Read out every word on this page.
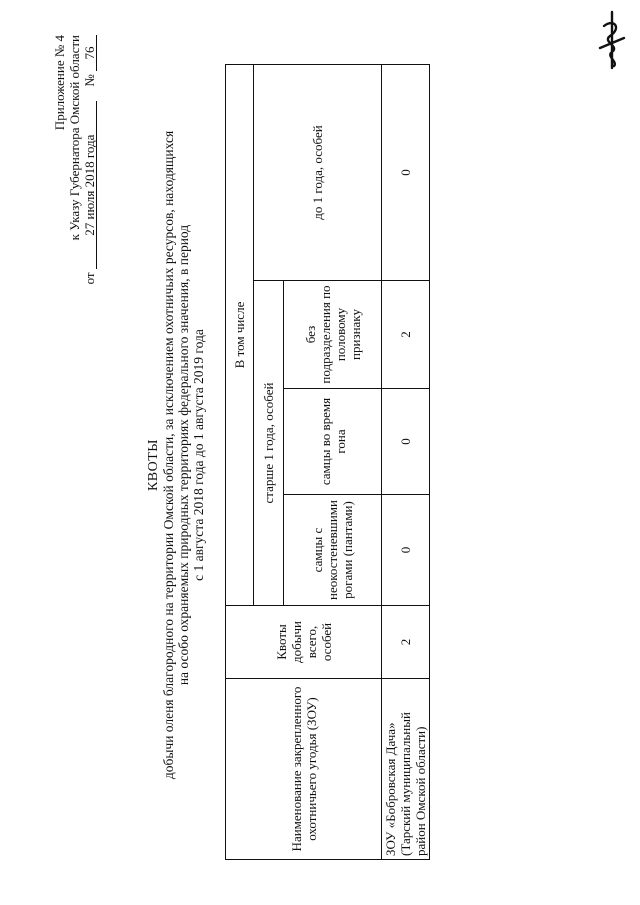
Приложение № 4 к Указу Губернатора Омской области
от 27 июля 2018 года  № 76
КВОТЫ добычи оленя благородного на территории Омской области, за исключением охотничьих ресурсов, находящихся на особо охраняемых природных территориях федерального значения, в период с 1 августа 2018 года до 1 августа 2019 года
Наименование закрепленного охотничьего угодья (ЗОУ)	Квоты добычи всего, особей	В том числе			
		старше 1 года, особей			до 1 года, особей
		самцы с неокостеневшими рогами (пантами)	самцы во время гона	без подразделения по половому признаку	
ЗОУ «Бобровская Дача» (Тарский муниципальный район Омской области)	2	0	0	2	0
